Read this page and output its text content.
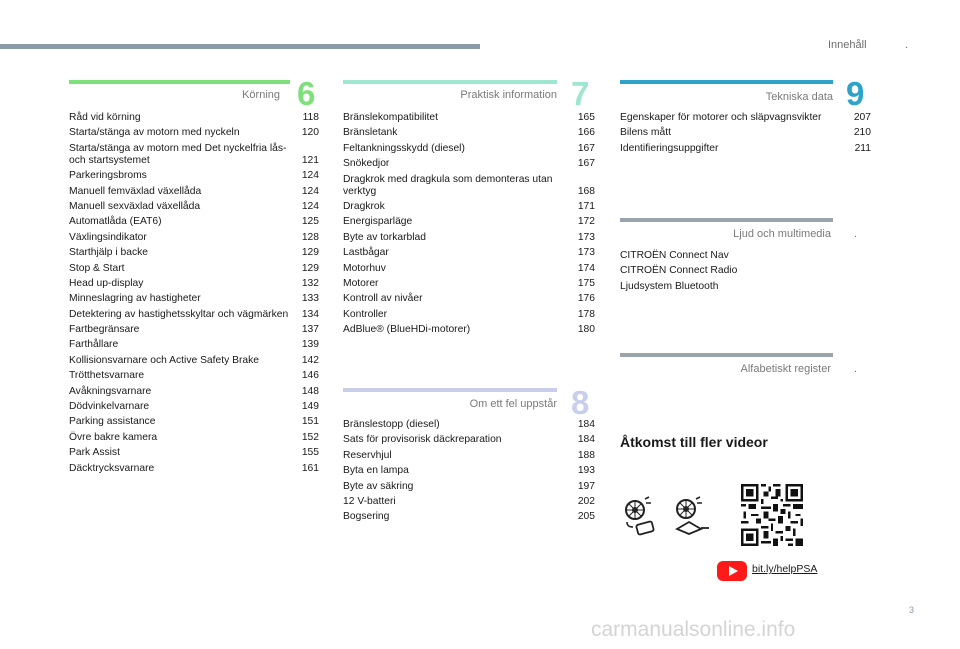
Innehåll	.
Körning 6
Råd vid körning	118
Starta/stänga av motorn med nyckeln	120
Starta/stänga av motorn med Det nyckelfria lås- och startsystemet	121
Parkeringsbroms	124
Manuell femväxlad växellåda	124
Manuell sexväxlad växellåda	124
Automatlåda (EAT6)	125
Växlingsindikator	128
Starthjälp i backe	129
Stop & Start	129
Head up-display	132
Minneslagring av hastigheter	133
Detektering av hastighetsskyltar och vägmärken	134
Fartbegränsare	137
Farthållare	139
Kollisionsvarnare och Active Safety Brake	142
Trötthetsvarnare	146
Avåkningsvarnare	148
Dödvinkelvarnare	149
Parking assistance	151
Övre bakre kamera	152
Park Assist	155
Däcktrycksvarnare	161
Praktisk information 7
Bränslekompatibilitet	165
Bränsletank	166
Feltankningsskydd (diesel)	167
Snökedjor	167
Dragkrok med dragkula som demonteras utan verktyg	168
Dragkrok	171
Energisparläge	172
Byte av torkarblad	173
Lastbågar	173
Motorhuv	174
Motorer	175
Kontroll av nivåer	176
Kontroller	178
AdBlue® (BlueHDi-motorer)	180
Om ett fel uppstår 8
Bränslestopp (diesel)	184
Sats för provisorisk däckreparation	184
Reservhjul	188
Byta en lampa	193
Byte av säkring	197
12 V-batteri	202
Bogsering	205
Tekniska data 9
Egenskaper för motorer och släpvagnsvikter	207
Bilens mått	210
Identifieringsuppgifter	211
Ljud och multimedia .
CITROËN Connect Nav
CITROËN Connect Radio
Ljudsystem Bluetooth
Alfabetiskt register .
Åtkomst till fler videor
bit.ly/helpPSA
3
carmanualsonline.info
